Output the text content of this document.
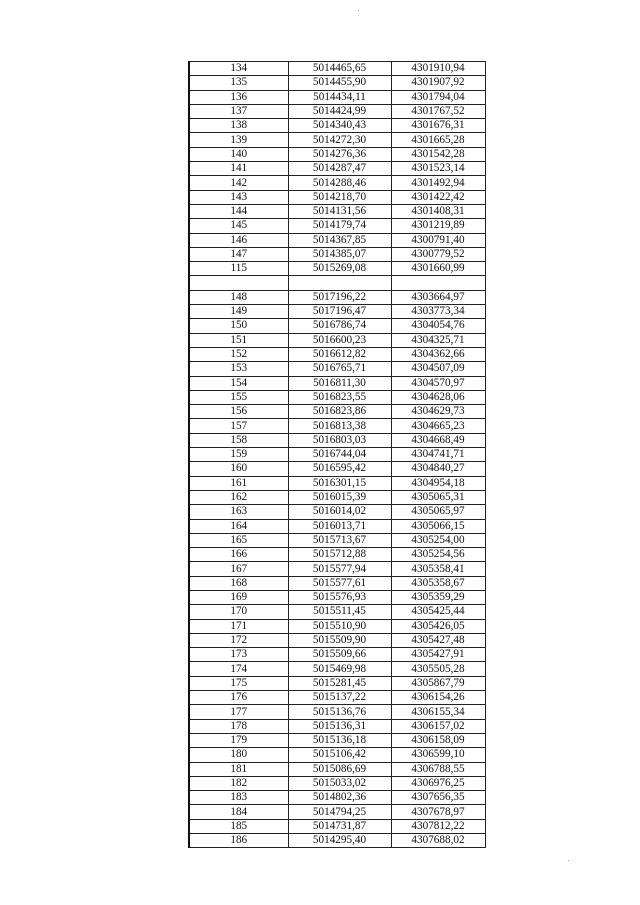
134	5014465,65	4301910,94
135	5014455,90	4301907,92
136	5014434,11	4301794,04
137	5014424,99	4301767,52
138	5014340,43	4301676,31
139	5014272,30	4301665,28
140	5014276,36	4301542,28
141	5014287,47	4301523,14
142	5014288,46	4301492,94
143	5014218,70	4301422,42
144	5014131,56	4301408,31
145	5014179,74	4301219,89
146	5014367,85	4300791,40
147	5014385,07	4300779,52
115	5015269,08	4301660,99

148	5017196,22	4303664,97
149	5017196,47	4303773,34
150	5016786,74	4304054,76
151	5016600,23	4304325,71
152	5016612,82	4304362,66
153	5016765,71	4304507,09
154	5016811,30	4304570,97
155	5016823,55	4304628,06
156	5016823,86	4304629,73
157	5016813,38	4304665,23
158	5016803,03	4304668,49
159	5016744,04	4304741,71
160	5016595,42	4304840,27
161	5016301,15	4304954,18
162	5016015,39	4305065,31
163	5016014,02	4305065,97
164	5016013,71	4305066,15
165	5015713,67	4305254,00
166	5015712,88	4305254,56
167	5015577,94	4305358,41
168	5015577,61	4305358,67
169	5015576,93	4305359,29
170	5015511,45	4305425,44
171	5015510,90	4305426,05
172	5015509,90	4305427,48
173	5015509,66	4305427,91
174	5015469,98	4305505,28
175	5015281,45	4305867,79
176	5015137,22	4306154,26
177	5015136,76	4306155,34
178	5015136,31	4306157,02
179	5015136,18	4306158,09
180	5015106,42	4306599,10
181	5015086,69	4306788,55
182	5015033,02	4306976,25
183	5014802,36	4307656,35
184	5014794,25	4307678,97
185	5014731,87	4307812,22
186	5014295,40	4307688,02
